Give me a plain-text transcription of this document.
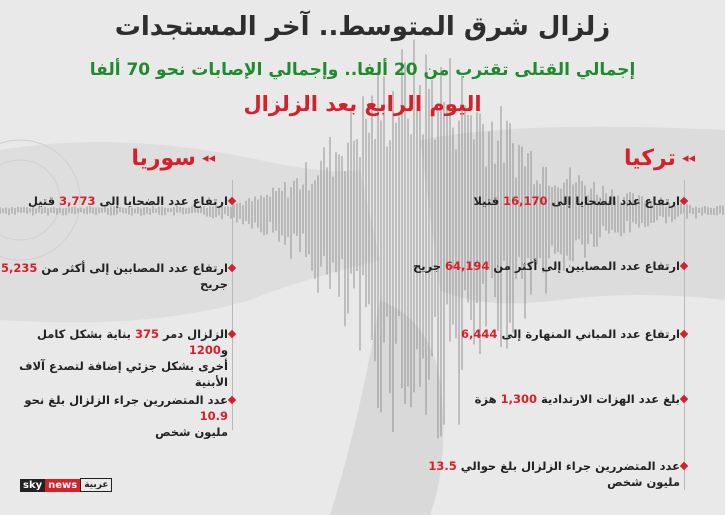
زلزال شرق المتوسط.. آخر المستجدات
إجمالي القتلى تقترب من 20 ألفا.. وإجمالي الإصابات نحو 70 ألفا
اليوم الرابع بعد الزلزال
◂◂
تركيا
ارتفاع عدد الضحايا إلى 16,170 قتيلا
ارتفاع عدد المصابين إلى أكثر من 64,194 جريح
ارتفاع عدد المباني المنهارة إلى 6,444
بلغ عدد الهزات الارتدادية 1,300 هزة
عدد المتضررين جراء الزلزال بلغ حوالي 13.5
مليون شخص
◂◂
سوريا
ارتفاع عدد الضحايا إلى 3,773 قتيل
ارتفاع عدد المصابين إلى أكثر من 5,235 جريح
الزلزال دمر 375 بناية بشكل كامل و1200
أخرى بشكل جزئي إضافة لتصدع آلاف الأبنية
عدد المتضررين جراء الزلزال بلغ نحو 10.9
مليون شخص
sky news عربية
